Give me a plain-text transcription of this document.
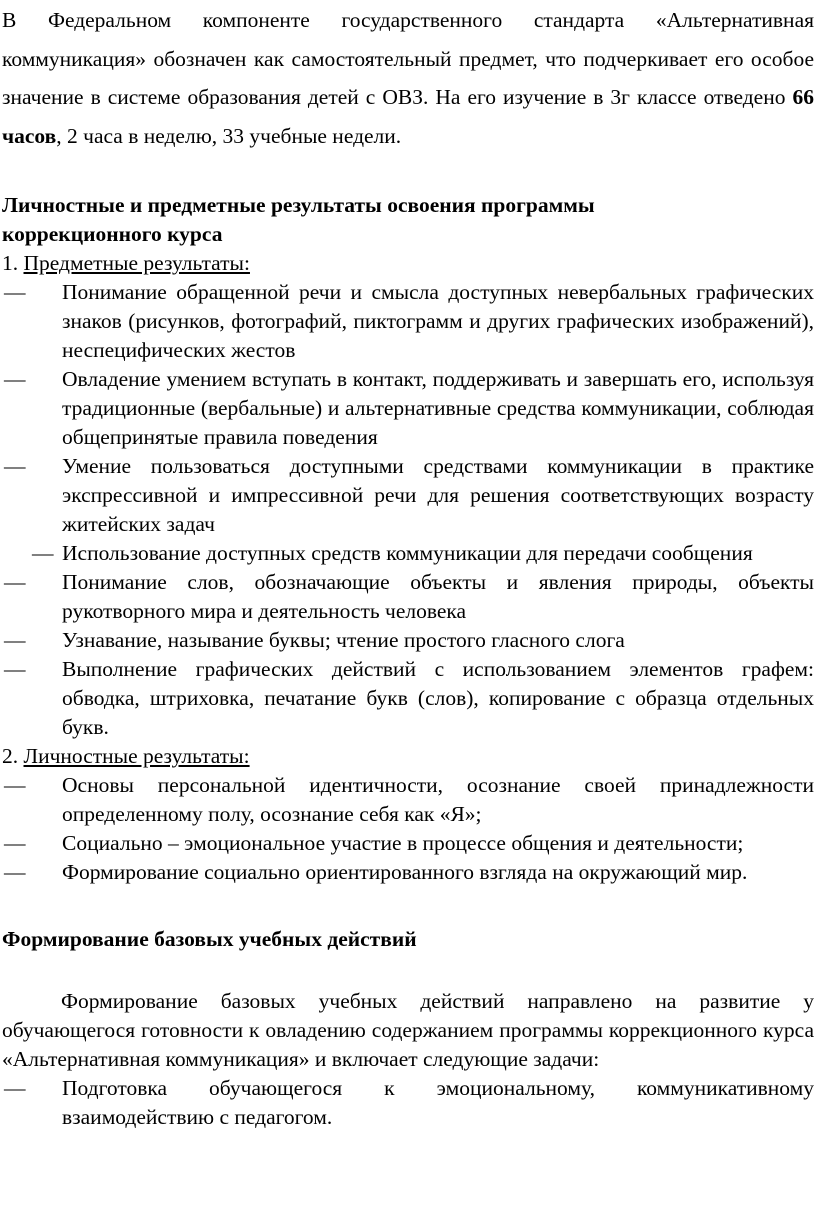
В Федеральном компоненте государственного стандарта «Альтернативная коммуникация» обозначен как самостоятельный предмет, что подчеркивает его особое значение в системе образования детей с ОВЗ. На его изучение в 3г классе отведено 66 часов, 2 часа в неделю, 33 учебные недели.

Личностные и предметные результаты освоения программы
коррекционного курса
1. Предметные результаты:
— Понимание обращенной речи и смысла доступных невербальных графических знаков (рисунков, фотографий, пиктограмм и других графических изображений), неспецифических жестов
— Овладение умением вступать в контакт, поддерживать и завершать его, используя традиционные (вербальные) и альтернативные средства коммуникации, соблюдая общепринятые правила поведения
— Умение пользоваться доступными средствами коммуникации в практике экспрессивной и импрессивной речи для решения соответствующих возрасту житейских задач
— Использование доступных средств коммуникации для передачи сообщения
— Понимание слов, обозначающие объекты и явления природы, объекты рукотворного мира и деятельность человека
— Узнавание, называние буквы; чтение простого гласного слога
— Выполнение графических действий с использованием элементов графем: обводка, штриховка, печатание букв (слов), копирование с образца отдельных букв.
2. Личностные результаты:
— Основы персональной идентичности, осознание своей принадлежности определенному полу, осознание себя как «Я»;
— Социально – эмоциональное участие в процессе общения и деятельности;
— Формирование социально ориентированного взгляда на окружающий мир.
Формирование базовых учебных действий

Формирование базовых учебных действий направлено на развитие у обучающегося готовности к овладению содержанием программы коррекционного курса «Альтернативная коммуникация» и включает следующие задачи:

— Подготовка обучающегося к эмоциональному, коммуникативному взаимодействию с педагогом.
